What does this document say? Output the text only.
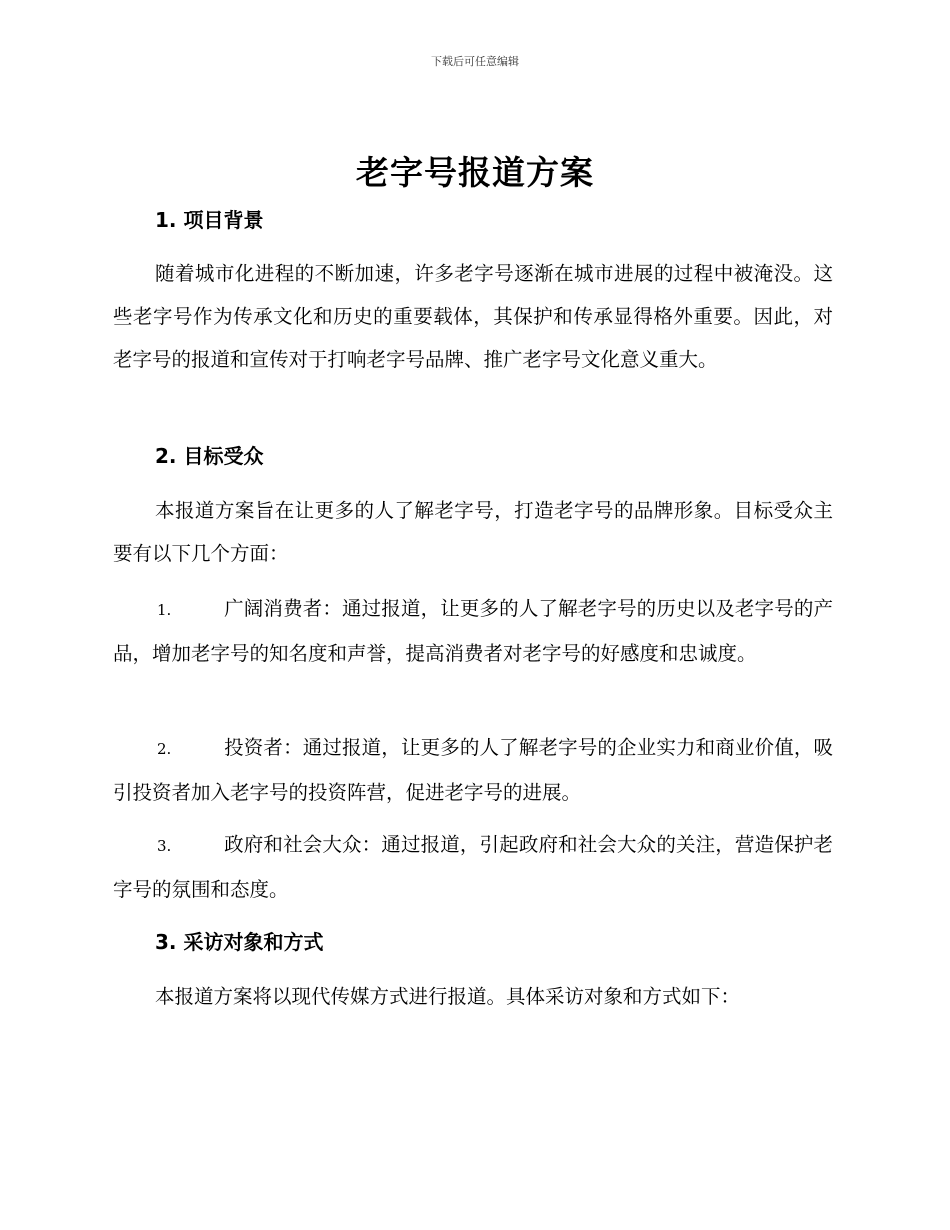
下载后可任意编辑
老字号报道方案
1. 项目背景

随着城市化进程的不断加速，许多老字号逐渐在城市进展的过程中被淹没。这些老字号作为传承文化和历史的重要载体，其保护和传承显得格外重要。因此，对老字号的报道和宣传对于打响老字号品牌、推广老字号文化意义重大。

2. 目标受众

本报道方案旨在让更多的人了解老字号，打造老字号的品牌形象。目标受众主要有以下几个方面：

1.	广阔消费者：通过报道，让更多的人了解老字号的历史以及老字号的产品，增加老字号的知名度和声誉，提高消费者对老字号的好感度和忠诚度。
2.	投资者：通过报道，让更多的人了解老字号的企业实力和商业价值，吸引投资者加入老字号的投资阵营，促进老字号的进展。
3.	政府和社会大众：通过报道，引起政府和社会大众的关注，营造保护老字号的氛围和态度。
3. 采访对象和方式

本报道方案将以现代传媒方式进行报道。具体采访对象和方式如下：
